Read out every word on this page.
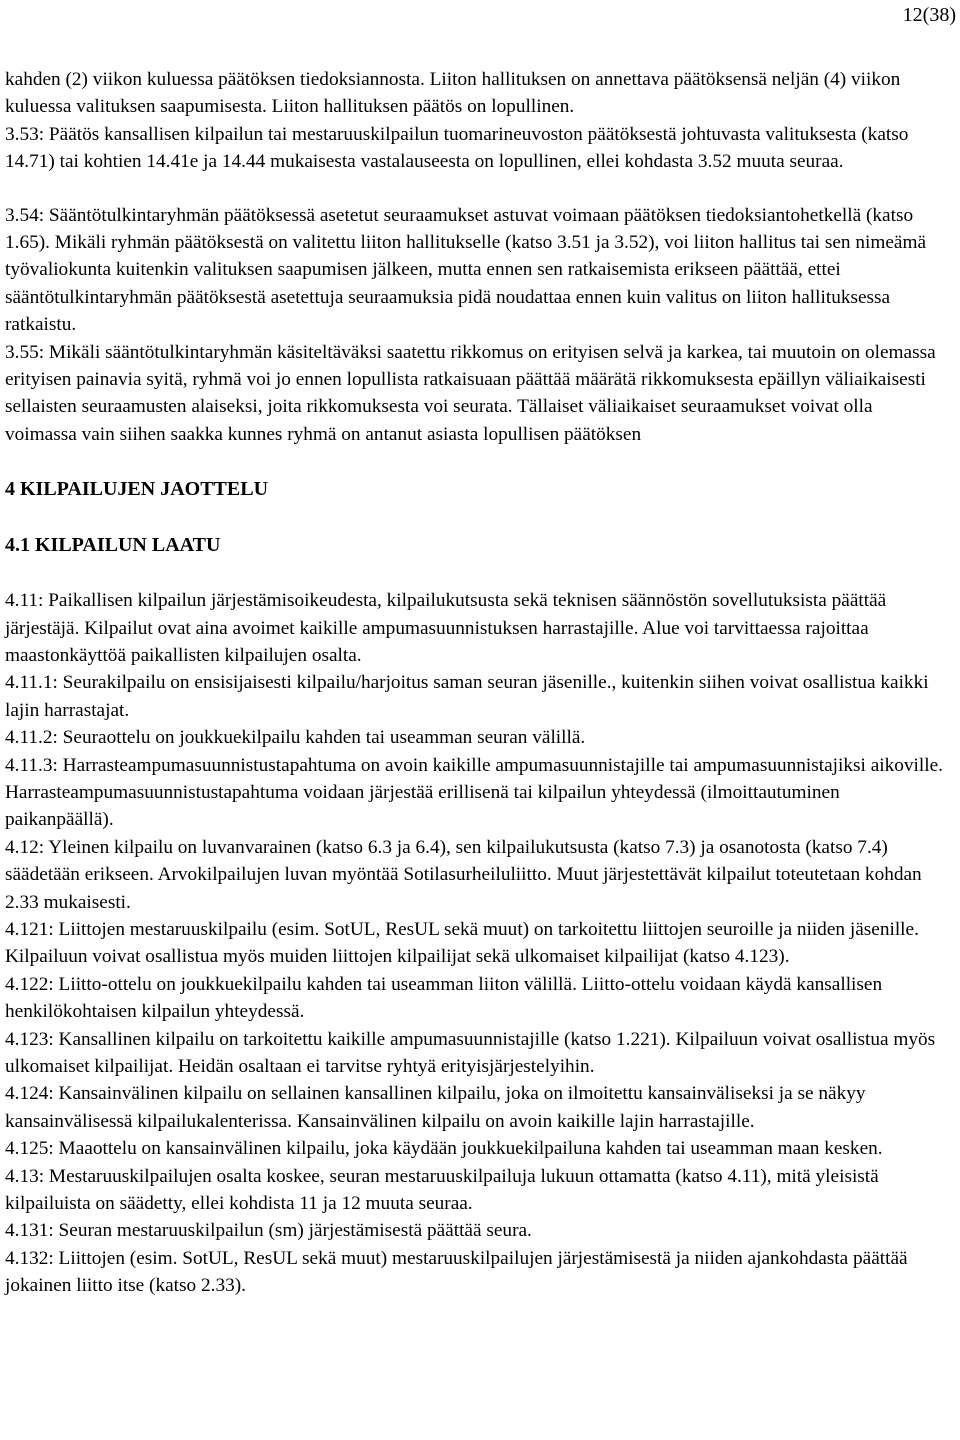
12(38)

kahden (2) viikon kuluessa päätöksen tiedoksiannosta. Liiton hallituksen on annettava päätöksensä neljän (4) viikon kuluessa valituksen saapumisesta. Liiton hallituksen päätös on lopullinen.

3.53: Päätös kansallisen kilpailun tai mestaruuskilpailun tuomarineuvoston päätöksestä johtuvasta valituksesta (katso 14.71) tai kohtien 14.41e ja 14.44 mukaisesta vastalauseesta on lopullinen, ellei kohdasta 3.52 muuta seuraa.

3.54: Sääntötulkintaryhmän päätöksessä asetetut seuraamukset astuvat voimaan päätöksen tiedoksiantohetkellä (katso 1.65). Mikäli ryhmän päätöksestä on valitettu liiton hallitukselle (katso 3.51 ja 3.52), voi liiton hallitus tai sen nimeämä työvaliokunta kuitenkin valituksen saapumisen jälkeen, mutta ennen sen ratkaisemista erikseen päättää, ettei sääntötulkintaryhmän päätöksestä asetettuja seuraamuksia pidä noudattaa ennen kuin valitus on liiton hallituksessa ratkaistu.

3.55: Mikäli sääntötulkintaryhmän käsiteltäväksi saatettu rikkomus on erityisen selvä ja karkea, tai muutoin on olemassa erityisen painavia syitä, ryhmä voi jo ennen lopullista ratkaisuaan päättää määrätä rikkomuksesta epäillyn väliaikaisesti sellaisten seuraamusten alaiseksi, joita rikkomuksesta voi seurata. Tällaiset väliaikaiset seuraamukset voivat olla voimassa vain siihen saakka kunnes ryhmä on antanut asiasta lopullisen päätöksen

4 KILPAILUJEN JAOTTELU

4.1 KILPAILUN LAATU

4.11: Paikallisen kilpailun järjestämisoikeudesta, kilpailukutsusta sekä teknisen säännöstön sovellutuksista päättää järjestäjä. Kilpailut ovat aina avoimet kaikille ampumasuunnistuksen harrastajille. Alue voi tarvittaessa rajoittaa maastonkäyttöä paikallisten kilpailujen osalta.

4.11.1: Seurakilpailu on ensisijaisesti kilpailu/harjoitus saman seuran jäsenille., kuitenkin siihen voivat osallistua kaikki lajin harrastajat.

4.11.2: Seuraottelu on joukkuekilpailu kahden tai useamman seuran välillä.

4.11.3: Harrasteampumasuunnistustapahtuma on avoin kaikille ampumasuunnistajille tai ampumasuunnistajiksi aikoville. Harrasteampumasuunnistustapahtuma voidaan järjestää erillisenä tai kilpailun yhteydessä (ilmoittautuminen paikanpäällä).

4.12: Yleinen kilpailu on luvanvarainen (katso 6.3 ja 6.4), sen kilpailukutsusta (katso 7.3) ja osanotosta (katso 7.4) säädetään erikseen. Arvokilpailujen luvan myöntää Sotilasurheiluliitto. Muut järjestettävät kilpailut toteutetaan kohdan 2.33 mukaisesti.

4.121: Liittojen mestaruuskilpailu (esim. SotUL, ResUL sekä muut) on tarkoitettu liittojen seuroille ja niiden jäsenille. Kilpailuun voivat osallistua myös muiden liittojen kilpailijat sekä ulkomaiset kilpailijat (katso 4.123).

4.122: Liitto-ottelu on joukkuekilpailu kahden tai useamman liiton välillä. Liitto-ottelu voidaan käydä kansallisen henkilökohtaisen kilpailun yhteydessä.

4.123: Kansallinen kilpailu on tarkoitettu kaikille ampumasuunnistajille (katso 1.221). Kilpailuun voivat osallistua myös ulkomaiset kilpailijat. Heidän osaltaan ei tarvitse ryhtyä erityisjärjestelyihin.

4.124: Kansainvälinen kilpailu on sellainen kansallinen kilpailu, joka on ilmoitettu kansainväliseksi ja se näkyy kansainvälisessä kilpailukalenterissa. Kansainvälinen kilpailu on avoin kaikille lajin harrastajille.

4.125: Maaottelu on kansainvälinen kilpailu, joka käydään joukkuekilpailuna kahden tai useamman maan kesken.

4.13: Mestaruuskilpailujen osalta koskee, seuran mestaruuskilpailuja lukuun ottamatta (katso 4.11), mitä yleisistä kilpailuista on säädetty, ellei kohdista 11 ja 12 muuta seuraa.

4.131: Seuran mestaruuskilpailun (sm) järjestämisestä päättää seura.

4.132: Liittojen (esim. SotUL, ResUL sekä muut) mestaruuskilpailujen järjestämisestä ja niiden ajankohdasta päättää jokainen liitto itse (katso 2.33).
